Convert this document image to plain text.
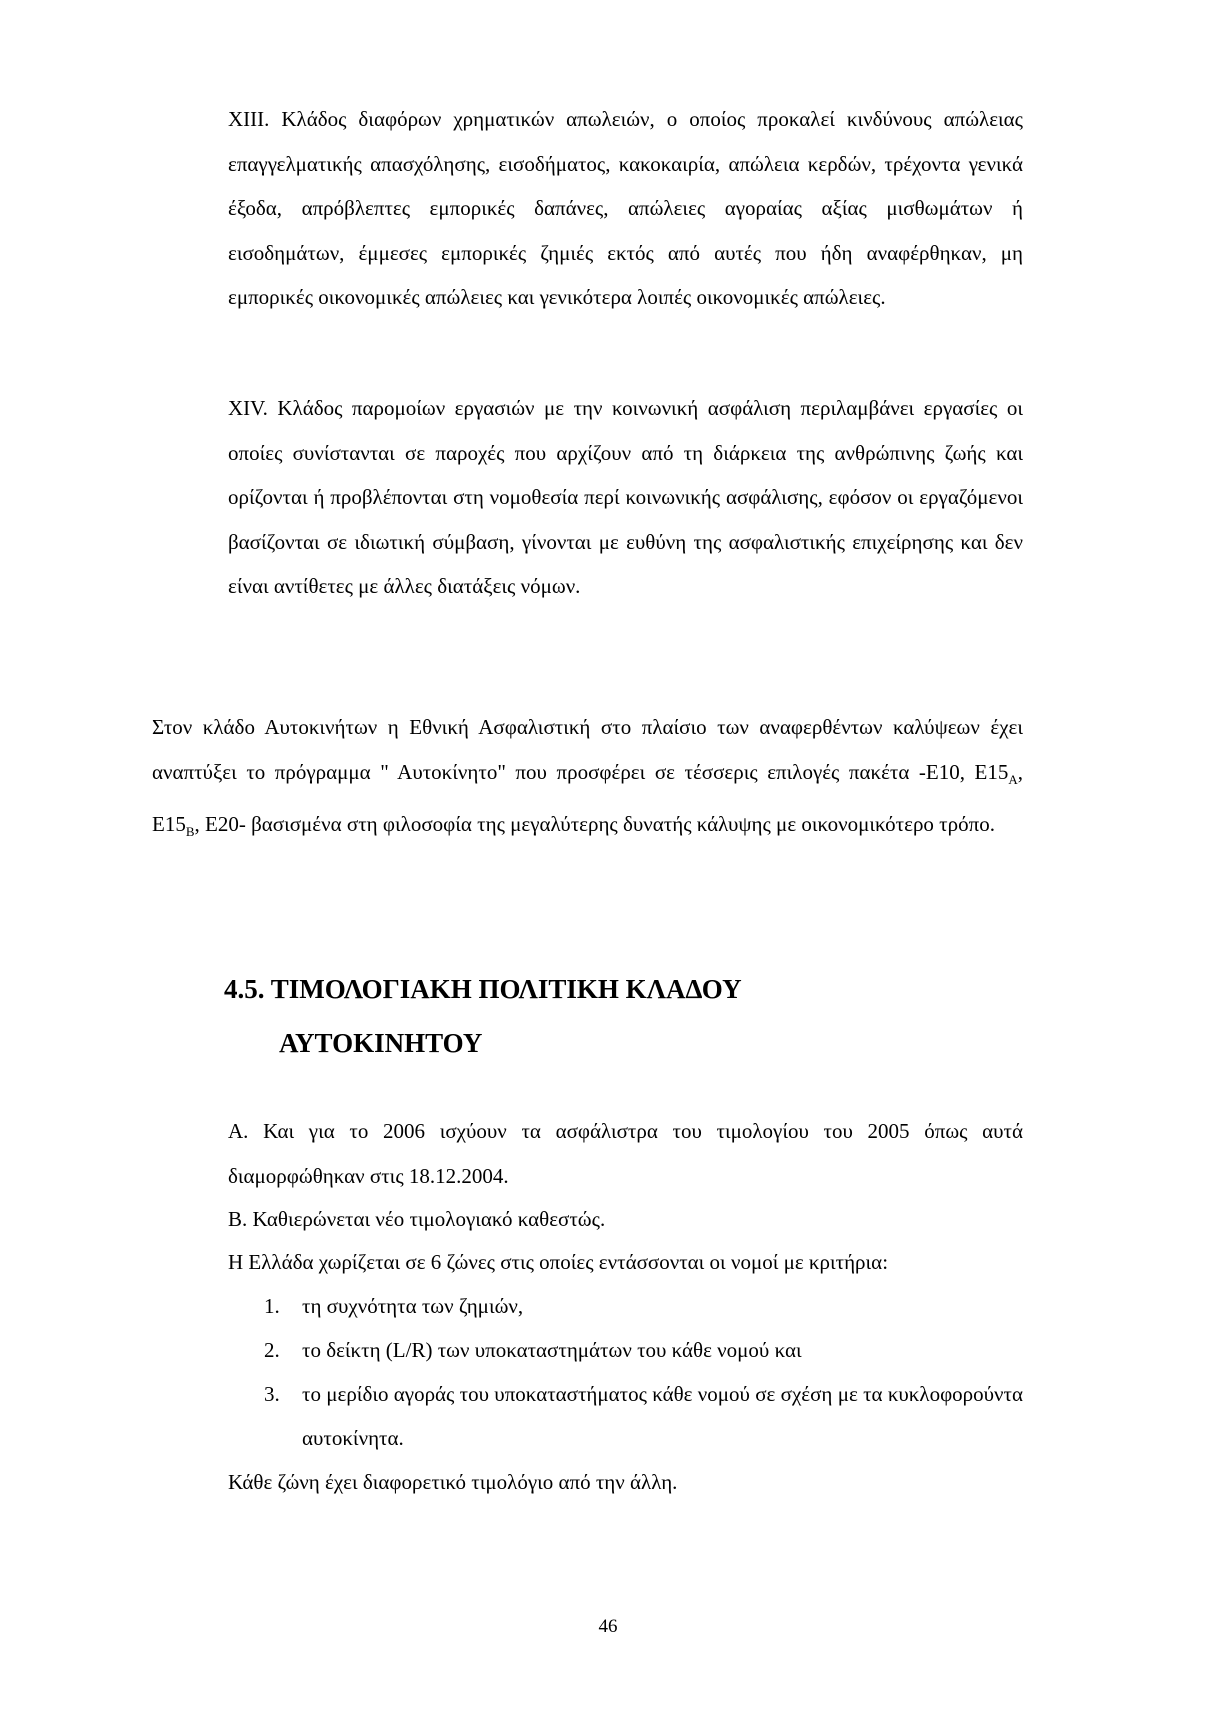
XIII. Κλάδος διαφόρων χρηματικών απωλειών, ο οποίος προκαλεί κινδύνους απώλειας επαγγελματικής απασχόλησης, εισοδήματος, κακοκαιρία, απώλεια κερδών, τρέχοντα γενικά έξοδα, απρόβλεπτες εμπορικές δαπάνες, απώλειες αγοραίας αξίας μισθωμάτων ή εισοδημάτων, έμμεσες εμπορικές ζημιές εκτός από αυτές που ήδη αναφέρθηκαν, μη εμπορικές οικονομικές απώλειες και γενικότερα λοιπές οικονομικές απώλειες.

XIV. Κλάδος παρομοίων εργασιών με την κοινωνική ασφάλιση περιλαμβάνει εργασίες οι οποίες συνίστανται σε παροχές που αρχίζουν από τη διάρκεια της ανθρώπινης ζωής και ορίζονται ή προβλέπονται στη νομοθεσία περί κοινωνικής ασφάλισης, εφόσον οι εργαζόμενοι βασίζονται σε ιδιωτική σύμβαση, γίνονται με ευθύνη της ασφαλιστικής επιχείρησης και δεν είναι αντίθετες με άλλες διατάξεις νόμων.

Στον κλάδο Αυτοκινήτων η Εθνική Ασφαλιστική στο πλαίσιο των αναφερθέντων καλύψεων έχει αναπτύξει το πρόγραμμα " Αυτοκίνητο" που προσφέρει σε τέσσερις επιλογές πακέτα -Ε10, $E15_A$, $E15_B$, Ε20- βασισμένα στη φιλοσοφία της μεγαλύτερης δυνατής κάλυψης με οικονομικότερο τρόπο.

4.5. ΤΙΜΟΛΟΓΙΑΚΗ ΠΟΛΙΤΙΚΗ ΚΛΑΔΟΥ
ΑΥΤΟΚΙΝΗΤΟΥ

Α. Και για το 2006 ισχύουν τα ασφάλιστρα του τιμολογίου του 2005 όπως αυτά διαμορφώθηκαν στις 18.12.2004.

Β. Καθιερώνεται νέο τιμολογιακό καθεστώς.

Η Ελλάδα χωρίζεται σε 6 ζώνες στις οποίες εντάσσονται οι νομοί με κριτήρια:

1. τη συχνότητα των ζημιών,
2. το δείκτη (L/R) των υποκαταστημάτων του κάθε νομού και
3. το μερίδιο αγοράς του υποκαταστήματος κάθε νομού σε σχέση με τα κυκλοφορούντα αυτοκίνητα.

Κάθε ζώνη έχει διαφορετικό τιμολόγιο από την άλλη.

46
